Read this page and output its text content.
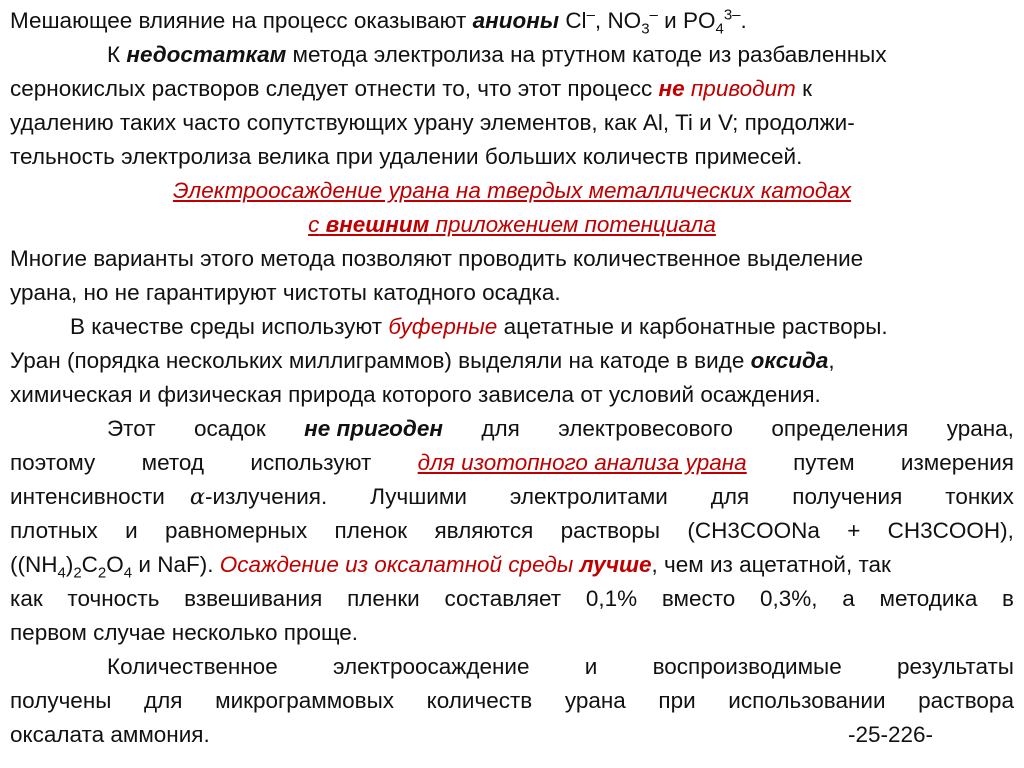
Мешающее влияние на процесс оказывают анионы Cl–, $NO_3^-$ и $PO_4^{3-}$.
К недостаткам метода электролиза на ртутном катоде из разбавленных
сернокислых растворов следует отнести то, что этот процесс не приводит к
удалению таких часто сопутствующих урану элементов, как Al, Ti и V; продолжи-
тельность электролиза велика при удалении больших количеств примесей.
Электроосаждение урана на твердых металлических катодах
с внешним приложением потенциала
Многие варианты этого метода позволяют проводить количественное выделение
урана, но не гарантируют чистоты катодного осадка.
В качестве среды используют буферные ацетатные и карбонатные растворы.
Уран (порядка нескольких миллиграммов) выделяли на катоде в виде оксида,
химическая и физическая природа которого зависела от условий осаждения.
Этот осадок не пригоден для электровесового определения урана,
поэтому метод используют для изотопного анализа урана путем измерения
интенсивности α-излучения. Лучшими электролитами для получения тонких
плотных и равномерных пленок являются растворы (CH3COONa + CH3COOH),
($(NH_4)_2C_2O_4$ и NaF). Осаждение из оксалатной среды лучше, чем из ацетатной, так
как точность взвешивания пленки составляет 0,1% вместо 0,3%, а методика в
первом случае несколько проще.
Количественное электроосаждение и воспроизводимые результаты
получены для микрограммовых количеств урана при использовании раствора
оксалата аммония.	-25-226-
